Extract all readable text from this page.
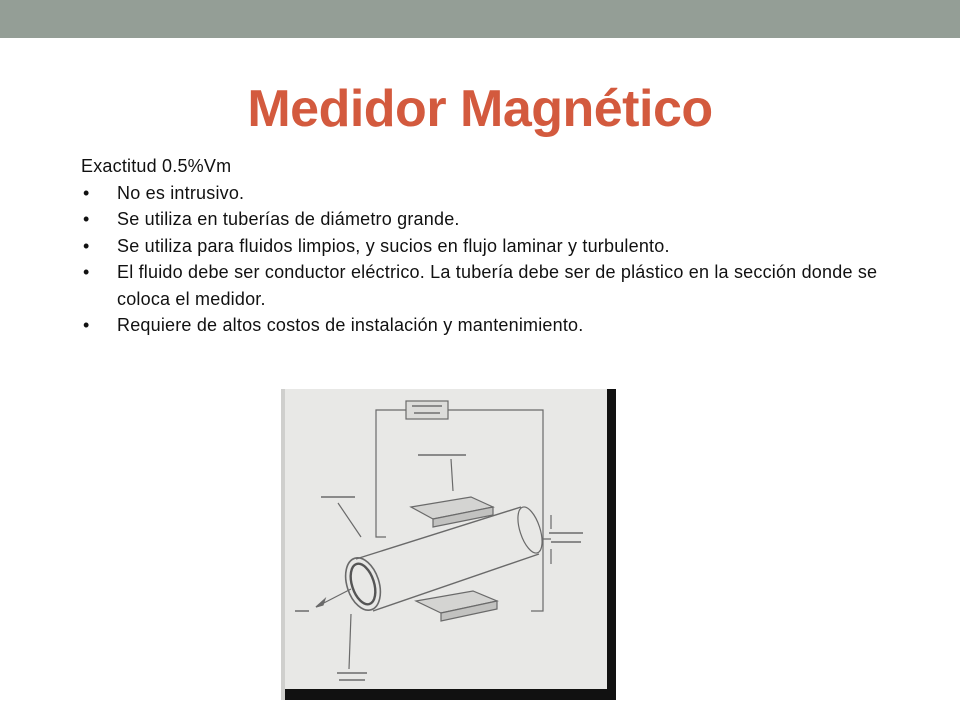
Medidor Magnético

Exactitud 0.5%Vm

• No es intrusivo.
• Se utiliza en tuberías de diámetro grande.
• Se utiliza para fluidos limpios, y sucios en flujo laminar y turbulento.
• El fluido debe ser conductor eléctrico. La tubería debe ser de plástico en la sección donde se coloca el medidor.
• Requiere de altos costos de instalación y mantenimiento.
